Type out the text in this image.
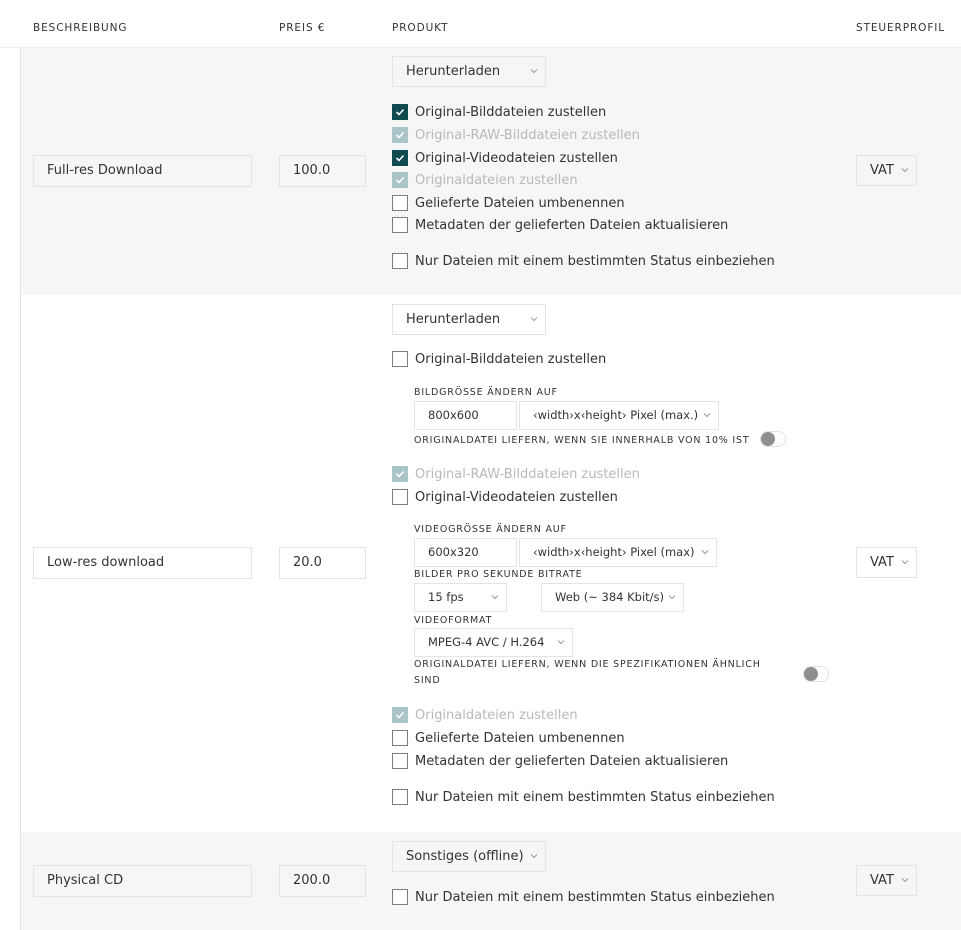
BESCHREIBUNG	PREIS €	PRODUKT	STEUERPROFIL
Full-res Download	100.0
Herunterladen
Original-Bilddateien zustellen
Original-RAW-Bilddateien zustellen
Original-Videodateien zustellen
Originaldateien zustellen
Gelieferte Dateien umbenennen
Metadaten der gelieferten Dateien aktualisieren
Nur Dateien mit einem bestimmten Status einbeziehen
VAT
Low-res download	20.0
Herunterladen
Original-Bilddateien zustellen
BILDGRÖSSE ÄNDERN AUF
800x600	‹width›x‹height› Pixel (max.)
ORIGINALDATEI LIEFERN, WENN SIE INNERHALB VON 10% IST
Original-RAW-Bilddateien zustellen
Original-Videodateien zustellen
VIDEOGRÖSSE ÄNDERN AUF
600x320	‹width›x‹height› Pixel (max)
BILDER PRO SEKUNDE BITRATE
15 fps	Web (~ 384 Kbit/s)
VIDEOFORMAT
MPEG-4 AVC / H.264
ORIGINALDATEI LIEFERN, WENN DIE SPEZIFIKATIONEN ÄHNLICH SIND
Originaldateien zustellen
Gelieferte Dateien umbenennen
Metadaten der gelieferten Dateien aktualisieren
Nur Dateien mit einem bestimmten Status einbeziehen
VAT
Physical CD	200.0
Sonstiges (offline)
Nur Dateien mit einem bestimmten Status einbeziehen
VAT
